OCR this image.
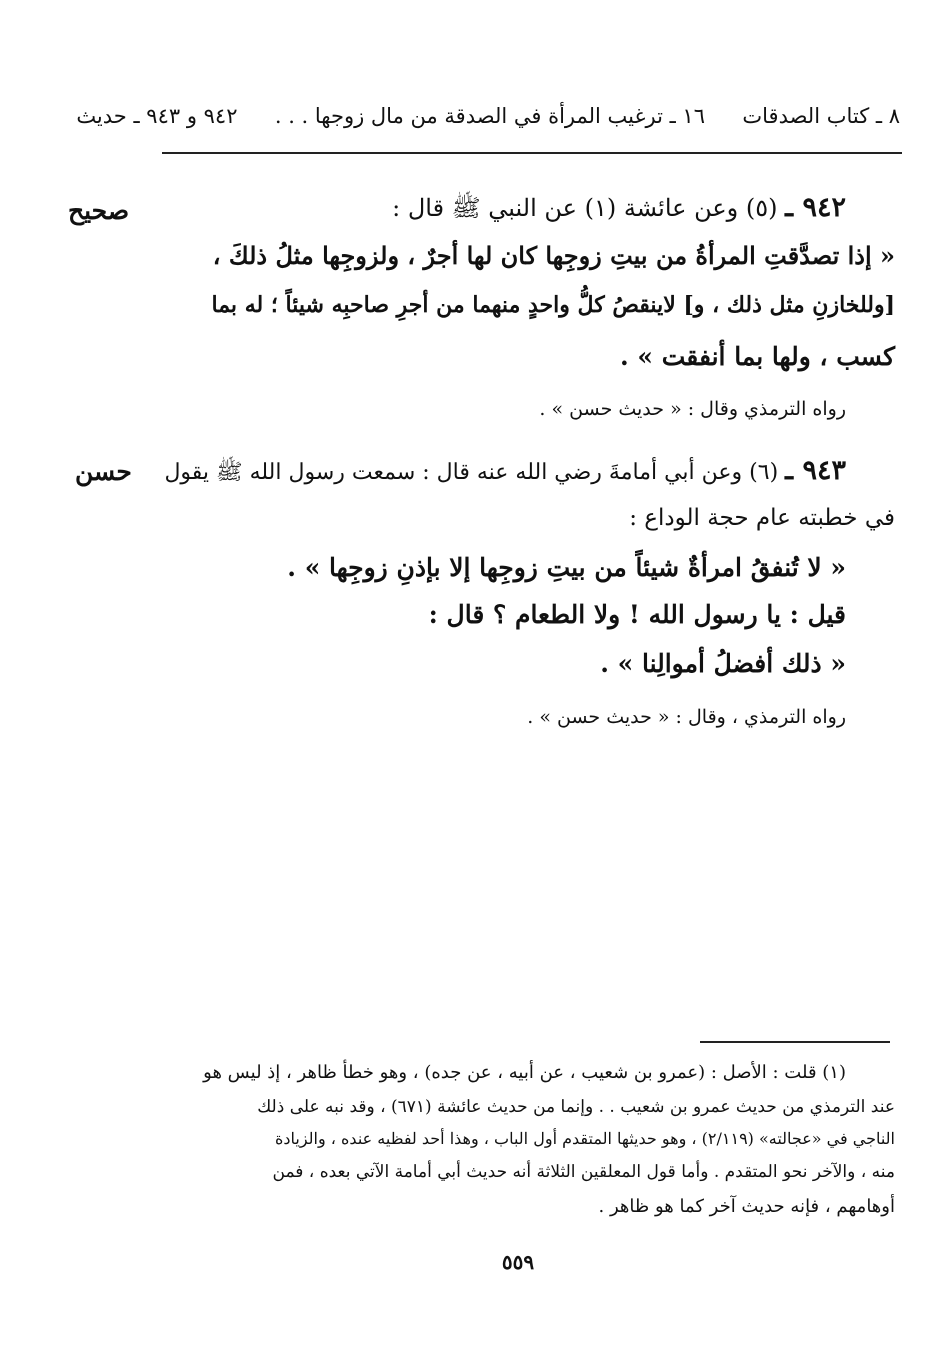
٨ ـ كتاب الصدقات  ١٦ ـ ترغيب المرأة في الصدقة من مال زوجها . . .  ٩٤٢ و ٩٤٣ ـ حديث
صحيح	٩٤٢ ـ (٥) وعن عائشة (١) عن النبي ﷺ قال :
« إذا تصدَّقتِ المرأةُ من بيتِ زوجِها كان لها أجرٌ ، ولزوجِها مثلُ ذلكَ ،
[وللخازنِ مثل ذلك ، و] لاينقصُ كلُّ واحدٍ منهما من أجرِ صاحبِه شيئاً ؛ له بما
كسب ، ولها بما أنفقت » .
رواه الترمذي وقال : « حديث حسن » .
حسن	٩٤٣ ـ (٦) وعن أبي أمامةَ رضي الله عنه قال : سمعت رسول الله ﷺ يقول
في خطبته عام حجة الوداع :
« لا تُنفقُ امرأةٌ شيئاً من بيتِ زوجِها إلا بإذنِ زوجِها » .
قيل : يا رسول الله ! ولا الطعام ؟ قال :
« ذلك أفضلُ أموالِنا » .
رواه الترمذي ، وقال : « حديث حسن » .
(١) قلت : الأصل : (عمرو بن شعيب ، عن أبيه ، عن جده) ، وهو خطأ ظاهر ، إذ ليس هو
عند الترمذي من حديث عمرو بن شعيب . . وإنما من حديث عائشة (٦٧١) ، وقد نبه على ذلك
الناجي في «عجالته» (٢/١١٩) ، وهو حديثها المتقدم أول الباب ، وهذا أحد لفظيه عنده ، والزيادة
منه ، والآخر نحو المتقدم . وأما قول المعلقين الثلاثة أنه حديث أبي أمامة الآتي بعده ، فمن
أوهامهم ، فإنه حديث آخر كما هو ظاهر .
٥٥٩
